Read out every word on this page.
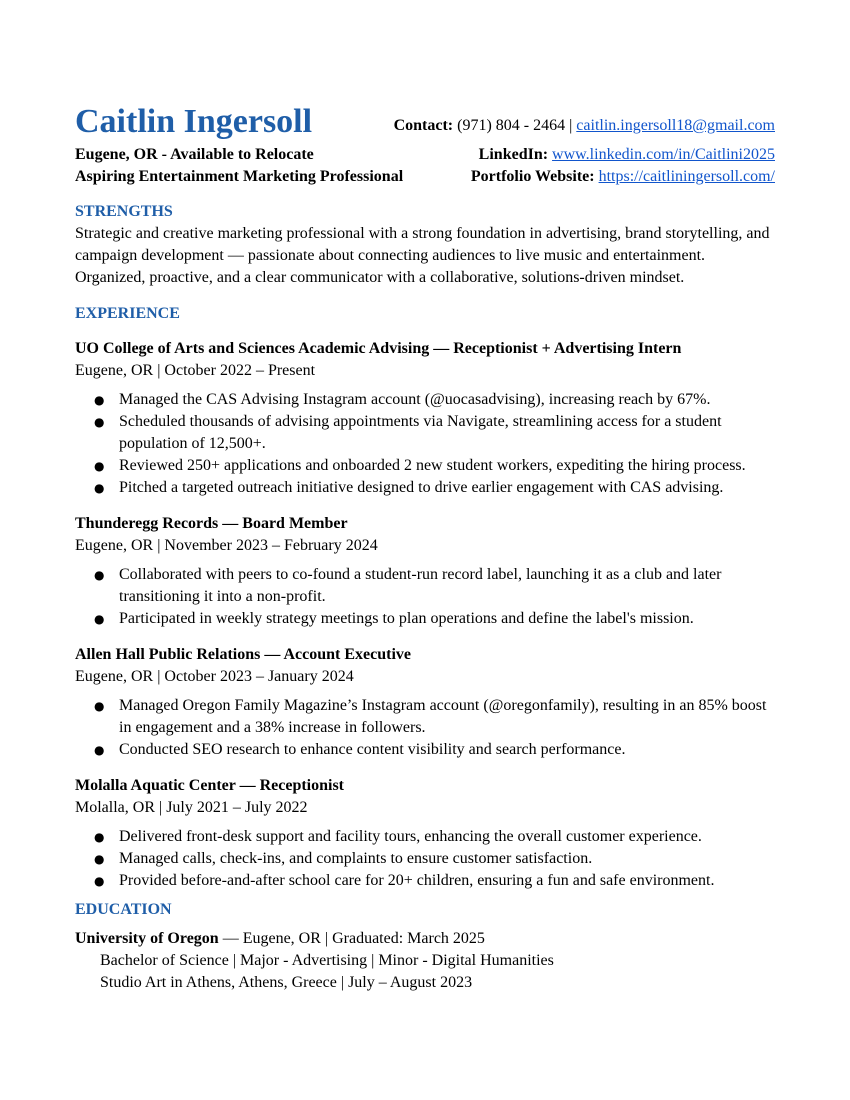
Caitlin Ingersoll	Contact: (971) 804 - 2464 | caitlin.ingersoll18@gmail.com
Eugene, OR - Available to Relocate
Aspiring Entertainment Marketing Professional
LinkedIn: www.linkedin.com/in/Caitlini2025
Portfolio Website: https://caitliningersoll.com/
STRENGTHS

Strategic and creative marketing professional with a strong foundation in advertising, brand storytelling, and campaign development — passionate about connecting audiences to live music and entertainment. Organized, proactive, and a clear communicator with a collaborative, solutions-driven mindset.

EXPERIENCE
UO College of Arts and Sciences Academic Advising — Receptionist + Advertising Intern
Eugene, OR | October 2022 – Present
● Managed the CAS Advising Instagram account (@uocasadvising), increasing reach by 67%.
● Scheduled thousands of advising appointments via Navigate, streamlining access for a student population of 12,500+.
● Reviewed 250+ applications and onboarded 2 new student workers, expediting the hiring process.
● Pitched a targeted outreach initiative designed to drive earlier engagement with CAS advising.
Thunderegg Records — Board Member
Eugene, OR | November 2023 – February 2024
● Collaborated with peers to co-found a student-run record label, launching it as a club and later transitioning it into a non-profit.
● Participated in weekly strategy meetings to plan operations and define the label's mission.
Allen Hall Public Relations — Account Executive
Eugene, OR | October 2023 – January 2024
● Managed Oregon Family Magazine’s Instagram account (@oregonfamily), resulting in an 85% boost in engagement and a 38% increase in followers.
● Conducted SEO research to enhance content visibility and search performance.
Molalla Aquatic Center — Receptionist
Molalla, OR | July 2021 – July 2022
● Delivered front-desk support and facility tours, enhancing the overall customer experience.
● Managed calls, check-ins, and complaints to ensure customer satisfaction.
● Provided before-and-after school care for 20+ children, ensuring a fun and safe environment.
EDUCATION
University of Oregon — Eugene, OR | Graduated: March 2025
Bachelor of Science | Major - Advertising | Minor - Digital Humanities
Studio Art in Athens, Athens, Greece | July – August 2023
